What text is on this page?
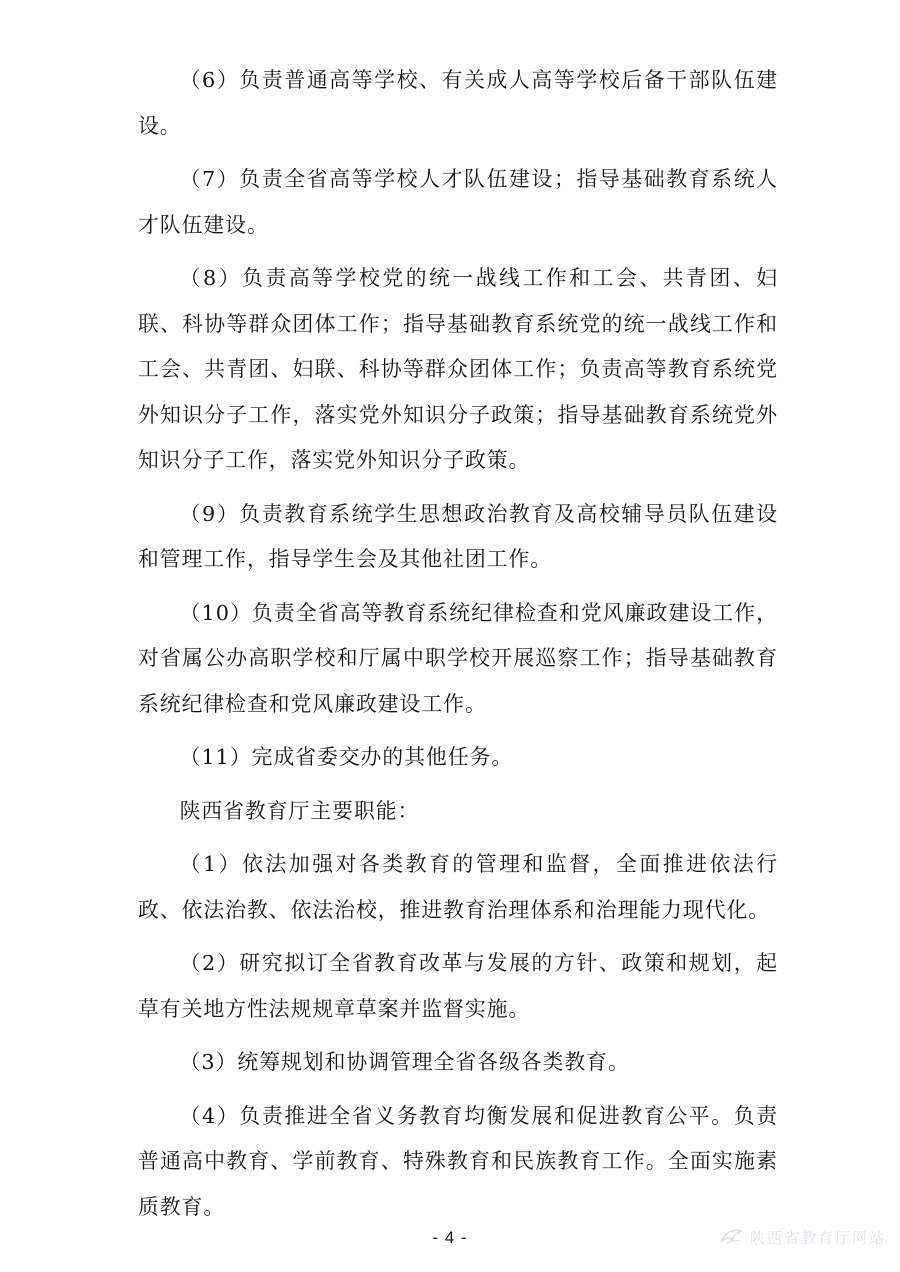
（6）负责普通高等学校、有关成人高等学校后备干部队伍建设。

（7）负责全省高等学校人才队伍建设；指导基础教育系统人才队伍建设。

（8）负责高等学校党的统一战线工作和工会、共青团、妇联、科协等群众团体工作；指导基础教育系统党的统一战线工作和工会、共青团、妇联、科协等群众团体工作；负责高等教育系统党外知识分子工作，落实党外知识分子政策；指导基础教育系统党外知识分子工作，落实党外知识分子政策。

（9）负责教育系统学生思想政治教育及高校辅导员队伍建设和管理工作，指导学生会及其他社团工作。

（10）负责全省高等教育系统纪律检查和党风廉政建设工作，对省属公办高职学校和厅属中职学校开展巡察工作；指导基础教育系统纪律检查和党风廉政建设工作。

（11）完成省委交办的其他任务。

陕西省教育厅主要职能：

（1）依法加强对各类教育的管理和监督，全面推进依法行政、依法治教、依法治校，推进教育治理体系和治理能力现代化。

（2）研究拟订全省教育改革与发展的方针、政策和规划，起草有关地方性法规规章草案并监督实施。

（3）统筹规划和协调管理全省各级各类教育。

（4）负责推进全省义务教育均衡发展和促进教育公平。负责普通高中教育、学前教育、特殊教育和民族教育工作。全面实施素质教育。

- 4 -	陕西省教育厅网站
